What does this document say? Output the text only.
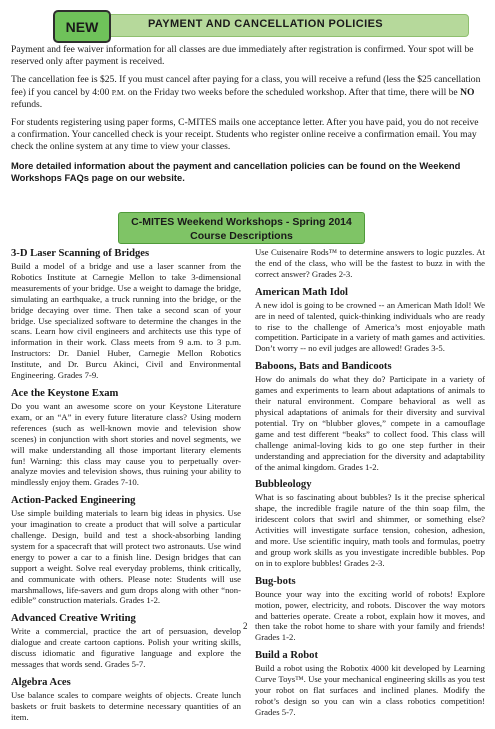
NEW	PAYMENT AND CANCELLATION POLICIES

Payment and fee waiver information for all classes are due immediately after registration is confirmed. Your spot will be reserved only after payment is received.

The cancellation fee is $25. If you must cancel after paying for a class, you will receive a refund (less the $25 cancellation fee) if you cancel by 4:00 P.M. on the Friday two weeks before the scheduled workshop. After that time, there will be NO refunds.

For students registering using paper forms, C-MITES mails one acceptance letter. After you have paid, you do not receive a confirmation. Your cancelled check is your receipt. Students who register online receive a confirmation email. You may check the online system at any time to view your classes.

More detailed information about the payment and cancellation policies can be found on the Weekend Workshops FAQs page on our website.

C-MITES Weekend Workshops - Spring 2014
Course Descriptions
3-D Laser Scanning of Bridges

Build a model of a bridge and use a laser scanner from the Robotics Institute at Carnegie Mellon to take 3-dimensional measurements of your bridge. Use a weight to damage the bridge, simulating an earthquake, a truck running into the bridge, or the bridge decaying over time. Then take a second scan of your bridge. Use specialized software to determine the changes in the scans. Learn how civil engineers and architects use this type of information in their work. Class meets from 9 a.m. to 3 p.m. Instructors: Dr. Daniel Huber, Carnegie Mellon Robotics Institute, and Dr. Burcu Akinci, Civil and Environmental Engineering. Grades 7-9.

Ace the Keystone Exam

Do you want an awesome score on your Keystone Literature exam, or an “A” in every future literature class? Using modern references (such as well-known movie and television show scenes) in conjunction with short stories and novel segments, we will make understanding all those important literary elements fun! Warning: this class may cause you to perpetually over-analyze movies and television shows, thus ruining your ability to mindlessly enjoy them. Grades 7-10.

Action-Packed Engineering

Use simple building materials to learn big ideas in physics. Use your imagination to create a product that will solve a particular challenge. Design, build and test a shock-absorbing landing system for a spacecraft that will protect two astronauts. Use wind energy to power a car to a finish line. Design bridges that can support a weight. Solve real everyday problems, think critically, and communicate with others. Please note: Students will use marshmallows, life-savers and gum drops along with other “non-edible” construction materials. Grades 1-2.

Advanced Creative Writing

Write a commercial, practice the art of persuasion, develop dialogue and create cartoon captions. Polish your writing skills, discuss idiomatic and figurative language and explore the messages that words send. Grades 5-7.

Algebra Aces

Use balance scales to compare weights of objects. Create lunch baskets or fruit baskets to determine necessary quantities of an item.

Use Cuisenaire Rods™ to determine answers to logic puzzles. At the end of the class, who will be the fastest to buzz in with the correct answer? Grades 2-3.

American Math Idol

A new idol is going to be crowned -- an American Math Idol! We are in need of talented, quick-thinking individuals who are ready to rise to the challenge of America’s most enjoyable math competition. Participate in a variety of math games and activities. Don’t worry -- no evil judges are allowed! Grades 3-5.

Baboons, Bats and Bandicoots

How do animals do what they do? Participate in a variety of games and experiments to learn about adaptations of animals to their natural environment. Compare behavioral as well as physical adaptations of animals for their diversity and survival potential. Try on “blubber gloves,” compete in a camouflage game and test different “beaks” to collect food. This class will challenge animal-loving kids to go one step further in their understanding and appreciation for the diversity and adaptability of the animal kingdom. Grades 1-2.

Bubbleology

What is so fascinating about bubbles? Is it the precise spherical shape, the incredible fragile nature of the thin soap film, the iridescent colors that swirl and shimmer, or something else? Activities will investigate surface tension, cohesion, adhesion, and more. Use scientific inquiry, math tools and formulas, poetry and group work skills as you investigate incredible bubbles. Pop on in to explore bubbles! Grades 2-3.

Bug-bots

Bounce your way into the exciting world of robots! Explore motion, power, electricity, and robots. Discover the way motors and batteries operate. Create a robot, explain how it moves, and then take the robot home to share with your family and friends! Grades 1-2.

Build a Robot

Build a robot using the Robotix 4000 kit developed by Learning Curve Toys™. Use your mechanical engineering skills as you test your robot on flat surfaces and inclined planes. Modify the robot’s design so you can win a class robotics competition! Grades 5-7.

2
